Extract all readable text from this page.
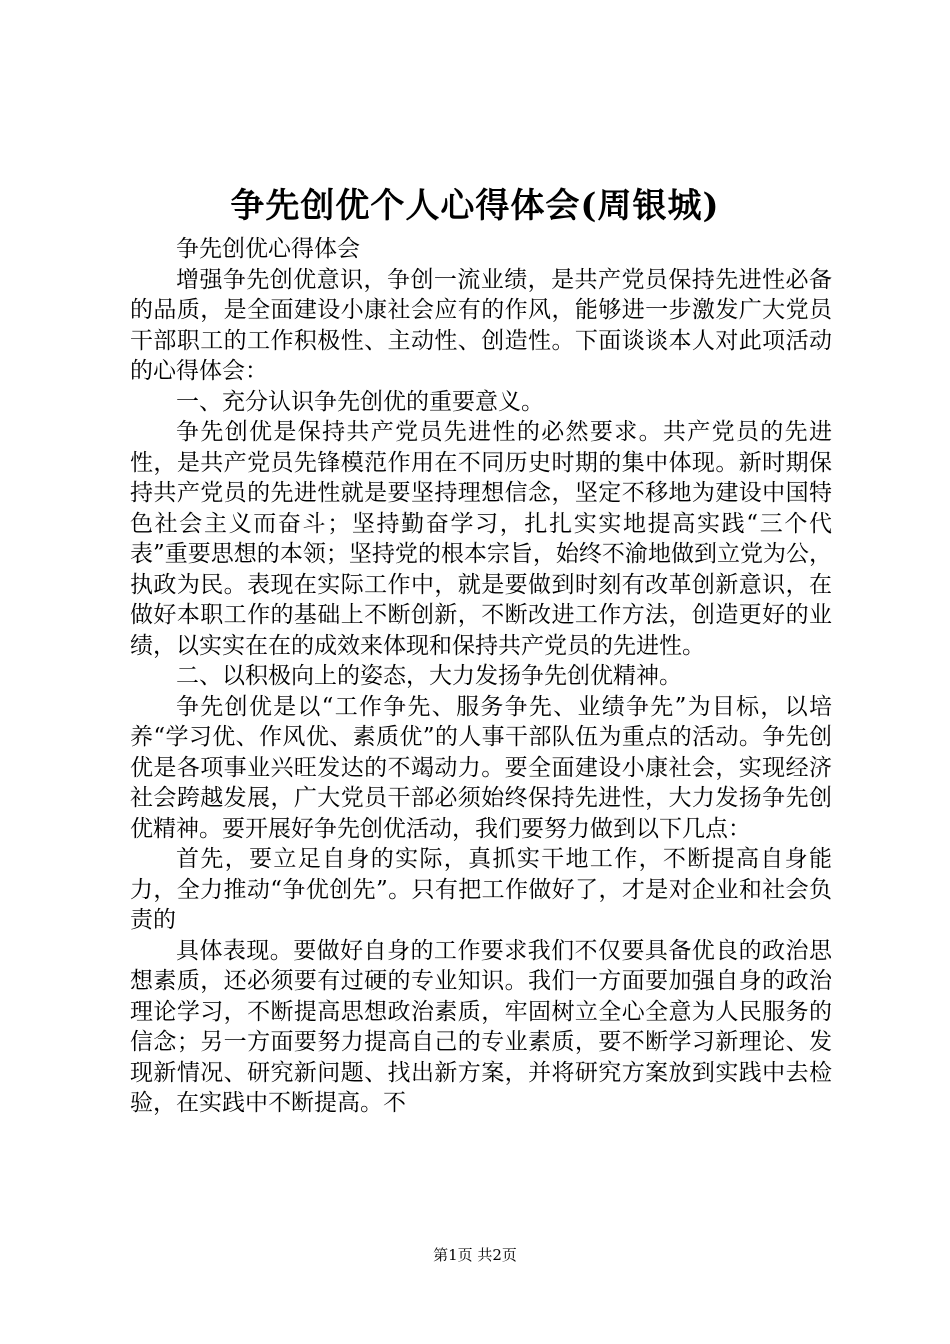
争先创优个人心得体会(周银城)

争先创优心得体会

增强争先创优意识，争创一流业绩，是共产党员保持先进性必备的品质，是全面建设小康社会应有的作风，能够进一步激发广大党员干部职工的工作积极性、主动性、创造性。下面谈谈本人对此项活动的心得体会：

一、充分认识争先创优的重要意义。

争先创优是保持共产党员先进性的必然要求。共产党员的先进性，是共产党员先锋模范作用在不同历史时期的集中体现。新时期保持共产党员的先进性就是要坚持理想信念，坚定不移地为建设中国特色社会主义而奋斗；坚持勤奋学习，扎扎实实地提高实践“三个代表”重要思想的本领；坚持党的根本宗旨，始终不渝地做到立党为公，执政为民。表现在实际工作中，就是要做到时刻有改革创新意识，在做好本职工作的基础上不断创新，不断改进工作方法，创造更好的业绩，以实实在在的成效来体现和保持共产党员的先进性。

二、以积极向上的姿态，大力发扬争先创优精神。

争先创优是以“工作争先、服务争先、业绩争先”为目标，以培养“学习优、作风优、素质优”的人事干部队伍为重点的活动。争先创优是各项事业兴旺发达的不竭动力。要全面建设小康社会，实现经济社会跨越发展，广大党员干部必须始终保持先进性，大力发扬争先创优精神。要开展好争先创优活动，我们要努力做到以下几点：

首先，要立足自身的实际，真抓实干地工作，不断提高自身能力，全力推动“争优创先”。只有把工作做好了，才是对企业和社会负责的

具体表现。要做好自身的工作要求我们不仅要具备优良的政治思想素质，还必须要有过硬的专业知识。我们一方面要加强自身的政治理论学习，不断提高思想政治素质，牢固树立全心全意为人民服务的信念；另一方面要努力提高自己的专业素质，要不断学习新理论、发现新情况、研究新问题、找出新方案，并将研究方案放到实践中去检验，在实践中不断提高。不

第1页 共2页
